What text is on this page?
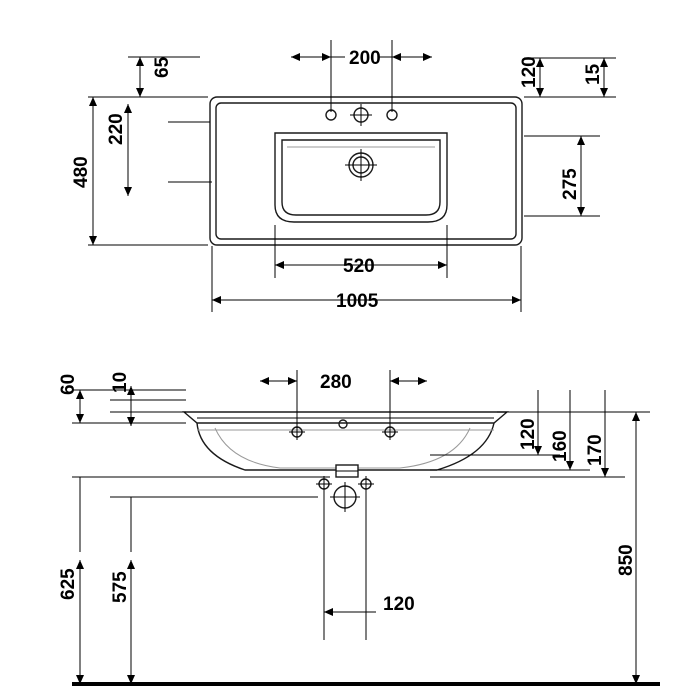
200
65	120 15
220
480	275
520
1005
60 10	280
120 160 170
850
625 575
120
